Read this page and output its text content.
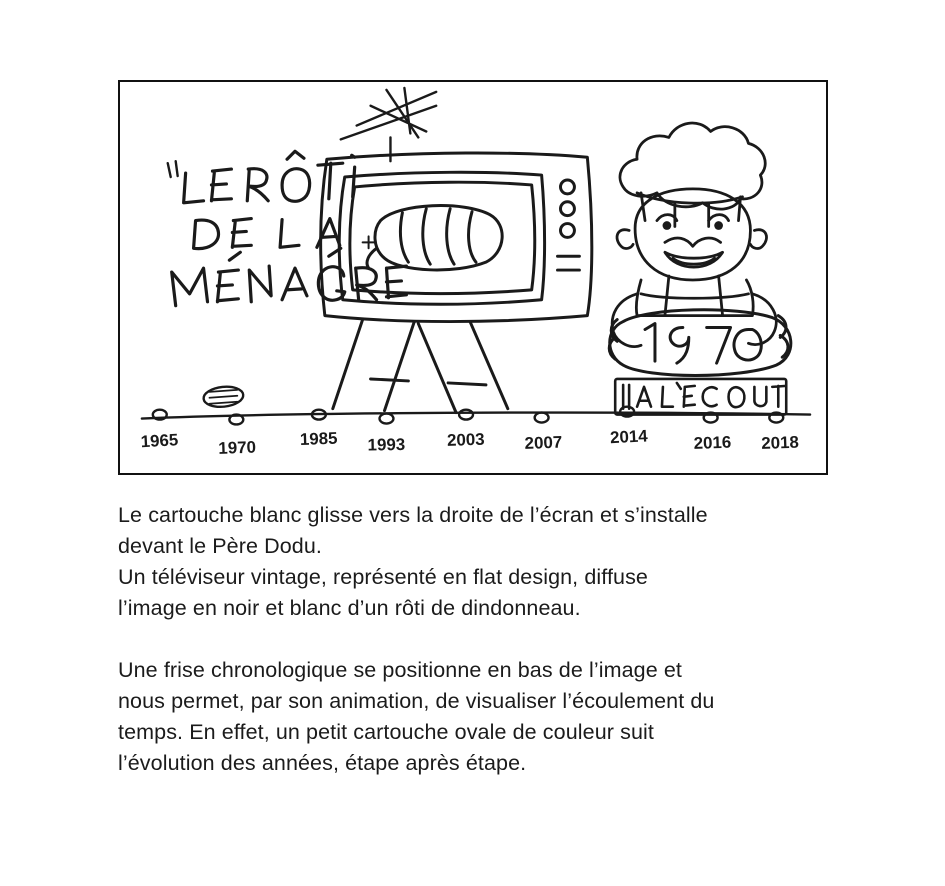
1965 1970	1985 1993 2003 2007	2014	2016 2018

Le cartouche blanc glisse vers la droite de l’écran et s’installe
devant le Père Dodu.
Un téléviseur vintage, représenté en flat design, diffuse
l’image en noir et blanc d’un rôti de dindonneau.

Une frise chronologique se positionne en bas de l’image et
nous permet, par son animation, de visualiser l’écoulement du
temps. En effet, un petit cartouche ovale de couleur suit
l’évolution des années, étape après étape.
